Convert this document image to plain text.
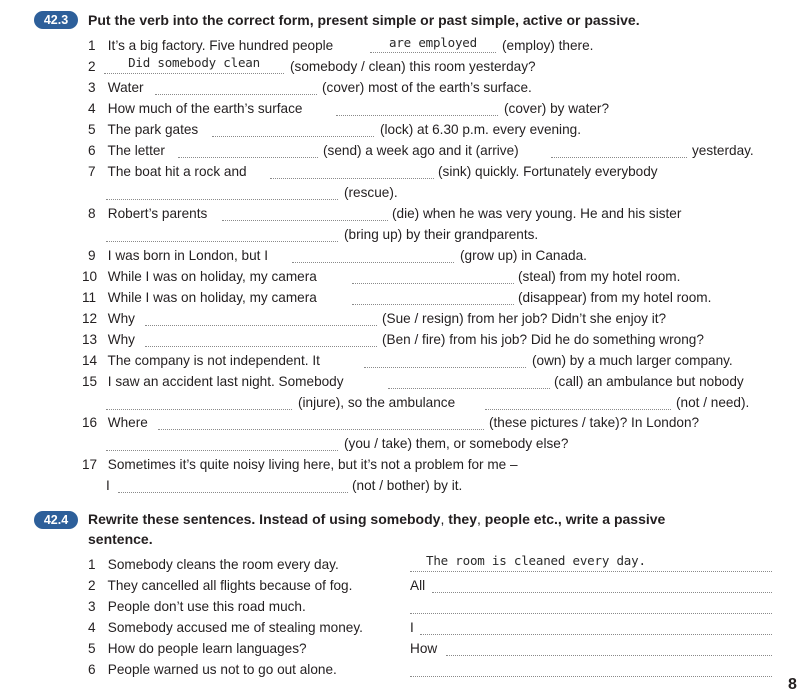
42.3	Put the verb into the correct form, present simple or past simple, active or passive.
1 It’s a big factory. Five hundred people	are employed	(employ) there.
2	Did somebody clean	(somebody / clean) this room yesterday?
3 Water	(cover) most of the earth’s surface.
4 How much of the earth’s surface	(cover) by water?
5 The park gates	(lock) at 6.30 p.m. every evening.
6 The letter	(send) a week ago and it (arrive)	yesterday.
7 The boat hit a rock and	(sink) quickly. Fortunately everybody
(rescue).
8 Robert’s parents	(die) when he was very young. He and his sister
(bring up) by their grandparents.
9 I was born in London, but I	(grow up) in Canada.
10 While I was on holiday, my camera	(steal) from my hotel room.
11 While I was on holiday, my camera	(disappear) from my hotel room.
12 Why	(Sue / resign) from her job? Didn’t she enjoy it?
13 Why	(Ben / fire) from his job? Did he do something wrong?
14 The company is not independent. It	(own) by a much larger company.
15 I saw an accident last night. Somebody	(call) an ambulance but nobody
(injure), so the ambulance	(not / need).
16 Where	(these pictures / take)? In London?
(you / take) them, or somebody else?
17 Sometimes it’s quite noisy living here, but it’s not a problem for me –
I	(not / bother) by it.
42.4	Rewrite these sentences. Instead of using somebody, they, people etc., write a passive
sentence.
1 Somebody cleans the room every day.	The room is cleaned every day.
2 They cancelled all flights because of fog.	All
3 People don’t use this road much.
4 Somebody accused me of stealing money.	I
5 How do people learn languages?	How
6 People warned us not to go out alone.
8
